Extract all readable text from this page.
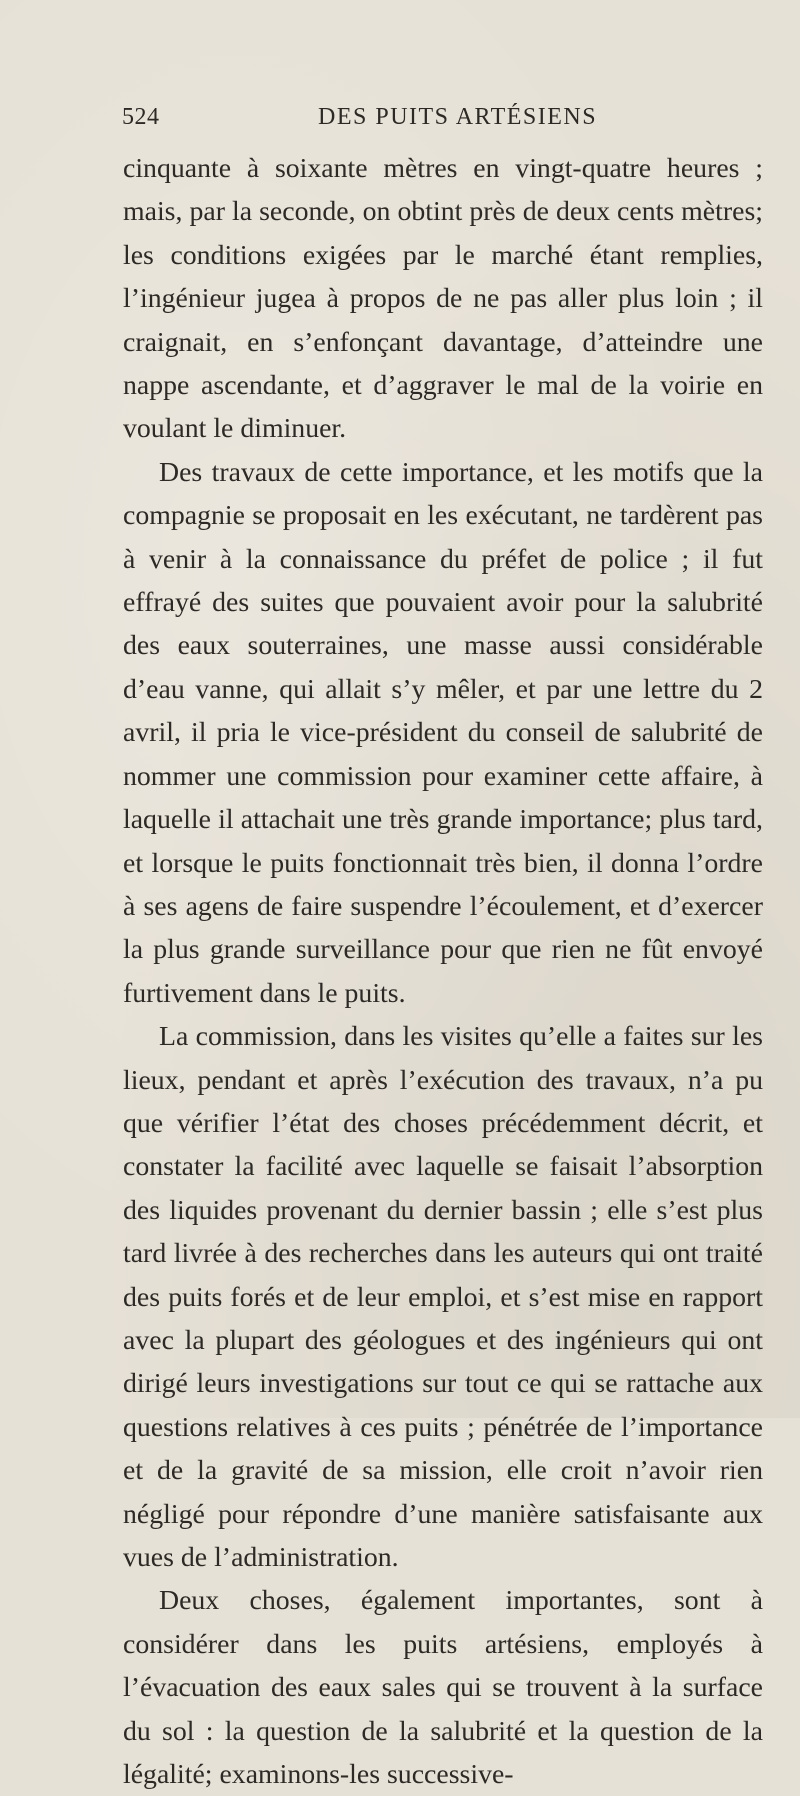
524	DES PUITS ARTÉSIENS

cinquante à soixante mètres en vingt-quatre heures ; mais, par la seconde, on obtint près de deux cents mètres; les conditions exigées par le marché étant remplies, l’ingénieur jugea à propos de ne pas aller plus loin ; il craignait, en s’enfonçant davantage, d’atteindre une nappe ascendante, et d’aggraver le mal de la voirie en voulant le diminuer.

Des travaux de cette importance, et les motifs que la compagnie se proposait en les exécutant, ne tardèrent pas à venir à la connaissance du préfet de police ; il fut effrayé des suites que pouvaient avoir pour la salubrité des eaux souterraines, une masse aussi considérable d’eau vanne, qui allait s’y mêler, et par une lettre du 2 avril, il pria le vice-président du conseil de salubrité de nommer une commission pour examiner cette affaire, à laquelle il attachait une très grande importance; plus tard, et lorsque le puits fonctionnait très bien, il donna l’ordre à ses agens de faire suspendre l’écoulement, et d’exercer la plus grande surveillance pour que rien ne fût envoyé furtivement dans le puits.

La commission, dans les visites qu’elle a faites sur les lieux, pendant et après l’exécution des travaux, n’a pu que vérifier l’état des choses précédemment décrit, et constater la facilité avec laquelle se faisait l’absorption des liquides provenant du dernier bassin ; elle s’est plus tard livrée à des recherches dans les auteurs qui ont traité des puits forés et de leur emploi, et s’est mise en rapport avec la plupart des géologues et des ingénieurs qui ont dirigé leurs investigations sur tout ce qui se rattache aux questions relatives à ces puits ; pénétrée de l’importance et de la gravité de sa mission, elle croit n’avoir rien négligé pour répondre d’une manière satisfaisante aux vues de l’administration.

Deux choses, également importantes, sont à considérer dans les puits artésiens, employés à l’évacuation des eaux sales qui se trouvent à la surface du sol : la question de la salubrité et la question de la légalité; examinons-les successive-
